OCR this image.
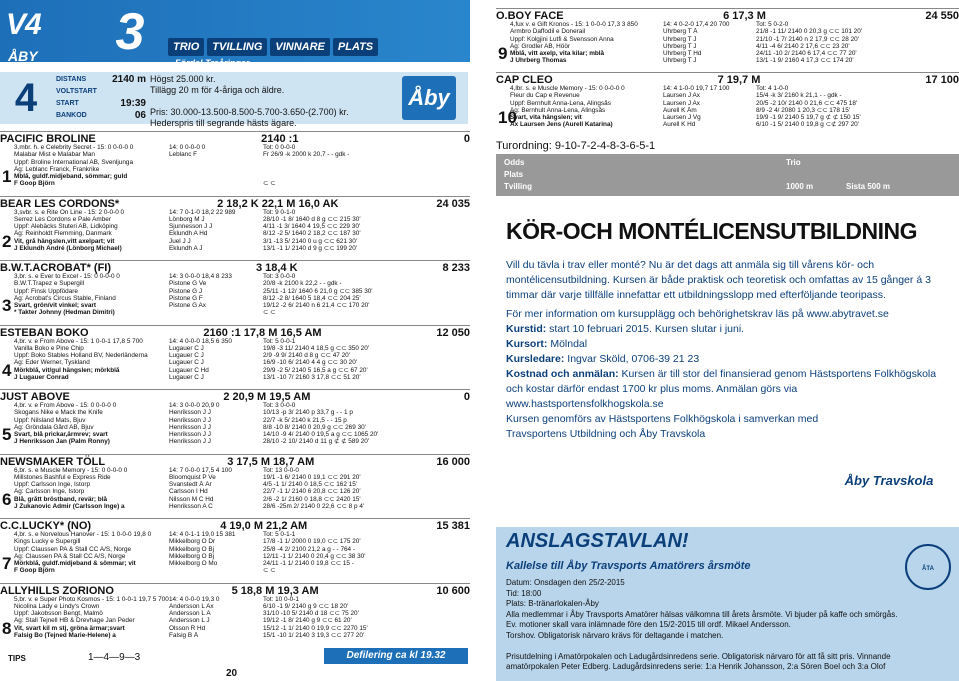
V4
ÅBY	3	TRIO	TVILLING	VINNARE	PLATS
Fördel Treåringar
4	DISTANS	2140 m
VOLTSTART
START	19:39
BANKOD	06
Högst 25.000 kr.
Tillägg 20 m för 4-åriga och äldre.

Pris: 30.000-13.500-8.500-5.700-3.650-(2.700) kr.
Hederspris till segrande hästs ägare.
Åby
PACIFIC BROLINE	2140 :1	0
1
3,mbr. h. e Celebrity Secret - 15: 0 0-0-0 0	14: 0 0-0-0 0	Tot: 0 0-0-0
Malabar Mist e Malabar Man	Leblanc F	Fr 26/9 -k 2000 k 20,7 - - gdk -
Uppf: Broline International AB, Svenljunga
Äg: Leblanc Franck, Frankrike
Mblå, guldf.midjeband, sömmar; guld
F Goop Björn	⊂ ⊂
BEAR LES CORDONS*	2 18,2 K 22,1 M 16,0 AK	24 035
2
3,svbr. s. e Rite On Line - 15: 2 0-0-0 0	14: 7 0-1-0 18,2 22 989	Tot: 9 0-1-0
Serrez Les Cordons e Pale Amber	Lönborg M J	28/10 -1 8/ 1640 d 8 g ⊂⊂ 215 30'
Uppf: Alebäcks Stuteri AB, Lidköping	Sjunnesson J J	4/11 -1 3/ 1640 4 19,5 ⊂⊂ 229 30'
Äg: Reinholdt Flemming, Danmark	Eklundh A Hd	8/12 -2 5/ 1640 2 18,2 ⊂⊂ 187 30'
Vit, grå hängslen,vitt axelpart; vit	Juel J J	3/1 -13 5/ 2140 0 u g ⊂⊂ 621 30'
J Eklundh André (Lönborg Michael)	Eklundh A J	13/1 -1 1/ 2140 d 9 g ⊂⊂ 199 20'
B.W.T.ACROBAT* (FI)	3 18,4 K	8 233
3
3,br. s. e Ever to Excel - 15: 0 0-0-0 0	14: 3 0-0-0 18,4 8 233	Tot: 3 0-0-0
B.W.T.Trapez e Supergill	Pistone G Ve	20/8 -k 2100 k 22,2 - - gdk -
Uppf: Finsk Uppfödare	Pistone G J	25/11 -1 12/ 1640 6 21,0 g ⊂⊂ 385 30'
Äg: Acrobat's Circus Stable, Finland	Pistone G F	8/12 -2 8/ 1640 5 18,4 ⊂⊂ 204 25'
Svart, grön/vit vinkel; svart	Pistone G Ax	19/12 -2 6/ 2140 n 6 21,4 ⊂⊂ 170 20'
* Takter Johnny (Hedman Dimitri)	⊂ ⊂
ESTEBAN BOKO	2160 :1 17,8 M 16,5 AM	12 050
4
4,br. v. e From Above - 15: 1 0-0-1 17,8 5 700	14: 4 0-0-0 18,5 6 350	Tot: 5 0-0-1
Vanilla Boko e Pine Chip	Lugauer C J	19/8 -3 11/ 2140 4 18,5 g ⊂⊂ 350 20'
Uppf: Boko Stables Holland BV, Nederländerna	Lugauer C J	2/9 -9 9/ 2140 d 8 g ⊂⊂ 47 20'
Äg: Eder Werner, Tyskland	Lugauer C J	16/9 -10 6/ 2140 4 4 g ⊂⊂ 30 20'
Mörkblå, vit/gul hängslen; mörkblå	Lugauer C Hd	29/9 -2 5/ 2140 5 16,5 a g ⊂⊂ 67 20'
J Lugauer Conrad	Lugauer C J	13/1 -10 7/ 2160 3 17,8 ⊂⊂ 51 20'
JUST ABOVE	2 20,9 M 19,5 AM	0
5
4,br. v. e From Above - 15: 0 0-0-0 0	14: 3 0-0-0 20,9 0	Tot: 3 0-0-0
Skogans Nike e Mack the Knife	Henriksson J J	10/13 -p 3/ 2140 p 33,7 g - - 1 p
Uppf: Nilsland Mats, Bjuv	Henriksson J J	22/7 -k 5/ 2140 k 21,5 - - 15 p
Äg: Gröndala Gård AB, Bjuv	Henriksson J J	8/8 -10 8/ 2140 0 20,9 g ⊂⊂ 269 30'
Svart, blå prickar,ärmrev; svart	Henriksson J J	14/10 -9 4/ 2140 0 19,5 a g ⊂⊂ 1065 20'
J Henriksson Jan (Palm Ronny)	Henriksson J J	28/10 -2 10/ 2140 d 11 g ⊄ ⊄ 589 20'
NEWSMAKER TÖLL	3 17,5 M 18,7 AM	16 000
6
6,br. s. e Muscle Memory - 15: 0 0-0-0 0	14: 7 0-0-0 17,5 4 100	Tot: 13 0-0-0
Millstones Bashful e Express Ride	Bloomquist P Ve	19/1 -1 6/ 2140 0 19,1 ⊂⊂ 291 20'
Uppf: Carlsson Inge, Istorp	Svanstedt Å Är	4/5 -1 1/ 2140 0 18,5 ⊂⊂ 162 15'
Äg: Carlsson Inge, Istorp	Carlsson I Hd	22/7 -1 1/ 2140 6 20,8 ⊂⊂ 126 20'
Blå, grått bröstband, revär; blå	Nilsson M C Hd	2/6 -2 1/ 2160 0 18,8 ⊂⊂ 2420 15'
J Zukanovic Admir (Carlsson Inge) a	Henriksson A C	28/6 -25m 2/ 2140 0 22,6 ⊂⊂ 8 p 4'
C.C.LUCKY* (NO)	4 19,0 M 21,2 AM	15 381
7
4,br. s. e Norvelous Hanover - 15: 1 0-0-0 19,8 0	14: 4 0-1-1 19,0 15 381	Tot: 5 0-1-1
Kings Lucky e Supergill	Mikkelborg O Dr	17/8 -1 1/ 2000 0 19,0 ⊂⊂ 175 20'
Uppf: Claussen PA & Stall CC A/S, Norge	Mikkelborg O Bj	25/8 -4 2/ 2100 21,2 a g - - 764 -
Äg: Claussen PA & Stall CC A/S, Norge	Mikkelborg O Bj	12/11 -1 1/ 2140 0 20,4 g ⊂⊂ 38 30'
Mörkblå, guldf.midjeband & sömmar; vit	Mikkelborg O Mo	24/11 -1 1/ 2140 0 19,8 ⊂⊂ 15 -
F Goop Björn	⊂ ⊂
ALLYHILLS ZORIONO	5 18,8 M 19,3 AM	10 600
8
5,br. v. e Super Photo Kosmos - 15: 1 0-0-1 19,7 5 700 14: 4 0-0-0 19,3 0	Tot: 10 0-0-1
Nicolina Lady e Lindy's Crown	Andersson L Ax	6/10 -1 9/ 2140 g 9 ⊂⊂ 18 20'
Uppf: Jakobsson Bengt, Malmö	Andersson L Ä	31/10 -10 5/ 2140 d 18 ⊂⊂ 75 20'
Äg: Stall Tejnell HB & Drevhage Jan Peder	Andersson L J	19/12 -1 8/ 2140 g 9 ⊂⊂ 61 20'
Vit, svart kil m stj, gröna ärmar;svart	Olsson R Hd	15/12 -1 1/ 2140 0 19,9 ⊂⊂ 2270 15'
Falsig Bo (Tejned Marie-Helene) a	Falsig B Å	15/1 -10 1/ 2140 3 19,3 ⊂⊂ 277 20'
O.BOY FACE	6 17,3 M	24 550
9
4,fux v. e Gift Kronos - 15: 1 0-0-0 17,3 3 850	14: 4 0-2-0 17,4 20 700	Tot: 5 0-2-0
Armbro Daffodil e Donerail	Uhrberg T Å	21/8 -1 11/ 2140 0 20,3 g ⊂⊂ 101 20'
Uppf: Kolgjini Lutfi & Svensson Anna	Uhrberg T J	21/10 -1 7/ 2140 n 2 17,9 ⊂⊂ 28 20'
Äg: Grodler AB, Höör	Uhrberg T J	4/11 -4 6/ 2140 2 17,6 ⊂⊂ 23 20'
Mblå, vitt axelp, vita kilar; mblå	Uhrberg T Hd	24/11 -10 2/ 2140 6 17,4 ⊂⊂ 77 20'
J Uhrberg Thomas	Uhrberg T J	13/1 -1 9/ 2160 4 17,3 ⊂⊂ 174 20'
CAP CLEO	7 19,7 M	17 100
10
4,lbr. s. e Muscle Memory - 15: 0 0-0-0 0	14: 4 1-0-0 19,7 17 100	Tot: 4 1-0-0
Fleur du Cap e Revenue	Laursen J Ax	15/4 -k 3/ 2160 k 21,1 - - gdk -
Uppf: Bernhult Anna-Lena, Alingsås	Laursen J Ax	20/5 -2 10/ 2140 0 21,6 ⊂⊂ 475 18'
Äg: Bernhult Anna-Lena, Alingsås	Aurell K Åm	8/9 -2 4/ 2080 1 20,3 ⊂⊂ 178 15'
Svart, vita hängslen; vit	Laursen J Vg	19/9 -1 9/ 2140 5 19,7 g ⊄ ⊄ 150 15'
Ax Laursen Jens (Aurell Katarina)	Aurell K Hd	6/10 -1 5/ 2140 0 19,8 g ⊂⊄ 297 20'
TIPS	1—4—9—3	Defilering ca kl 19.32
20
Turordning: 9-10-7-2-4-8-3-6-5-1
Odds	Trio
Plats
Tvilling	1000 m	Sista 500 m
KÖR-OCH MONTÉLICENSUTBILDNING

Vill du tävla i trav eller monté? Nu är det dags att anmäla sig till vårens kör- och montélicensutbildning. Kursen är både praktisk och teoretisk och omfattas av 15 gånger á 3 timmar där varje tillfälle innefattar ett utbildningsslopp med efterföljande teoripass.

För mer information om kursupplägg och behörighetskrav läs på www.abytravet.se

Kurstid: start 10 februari 2015. Kursen slutar i juni.

Kursort: Mölndal

Kursledare: Ingvar Sköld, 0706-39 21 23

Kostnad och anmälan: Kursen är till stor del finansierad genom Hästsportens Folkhögskola och kostar därför endast 1700 kr plus moms. Anmälan görs via

www.hastsportensfolkhogskola.se

Kursen genomförs av Hästsportens Folkhögskola i samverkan med Travsportens Utbildning och Åby Travskola

Åby Travskola
ANSLAGSTAVLAN!
Kallelse till Åby Travsports Amatörers årsmöte	ÅTA
Datum: Onsdagen den 25/2-2015
Tid: 18:00
Plats: B-tränarlokalen-Åby
Alla medlemmar i Åby Travsports Amatörer hälsas välkomna till årets årsmöte. Vi bjuder på kaffe och smörgås.
Ev. motioner skall vara inlämnade före den 15/2-2015 till ordf. Mikael Andersson.
Torshov. Obligatorisk närvaro krävs för deltagande i matchen.

Prisutdelning i Amatörpokalen och Ladugårdsinredens serie. Obligatorisk närvaro för att få sitt pris. Vinnande
amatörpokalen Peter Edberg. Ladugårdsinredens serie: 1:a Henrik Johansson, 2:a Sören Boel och 3:a Olof
